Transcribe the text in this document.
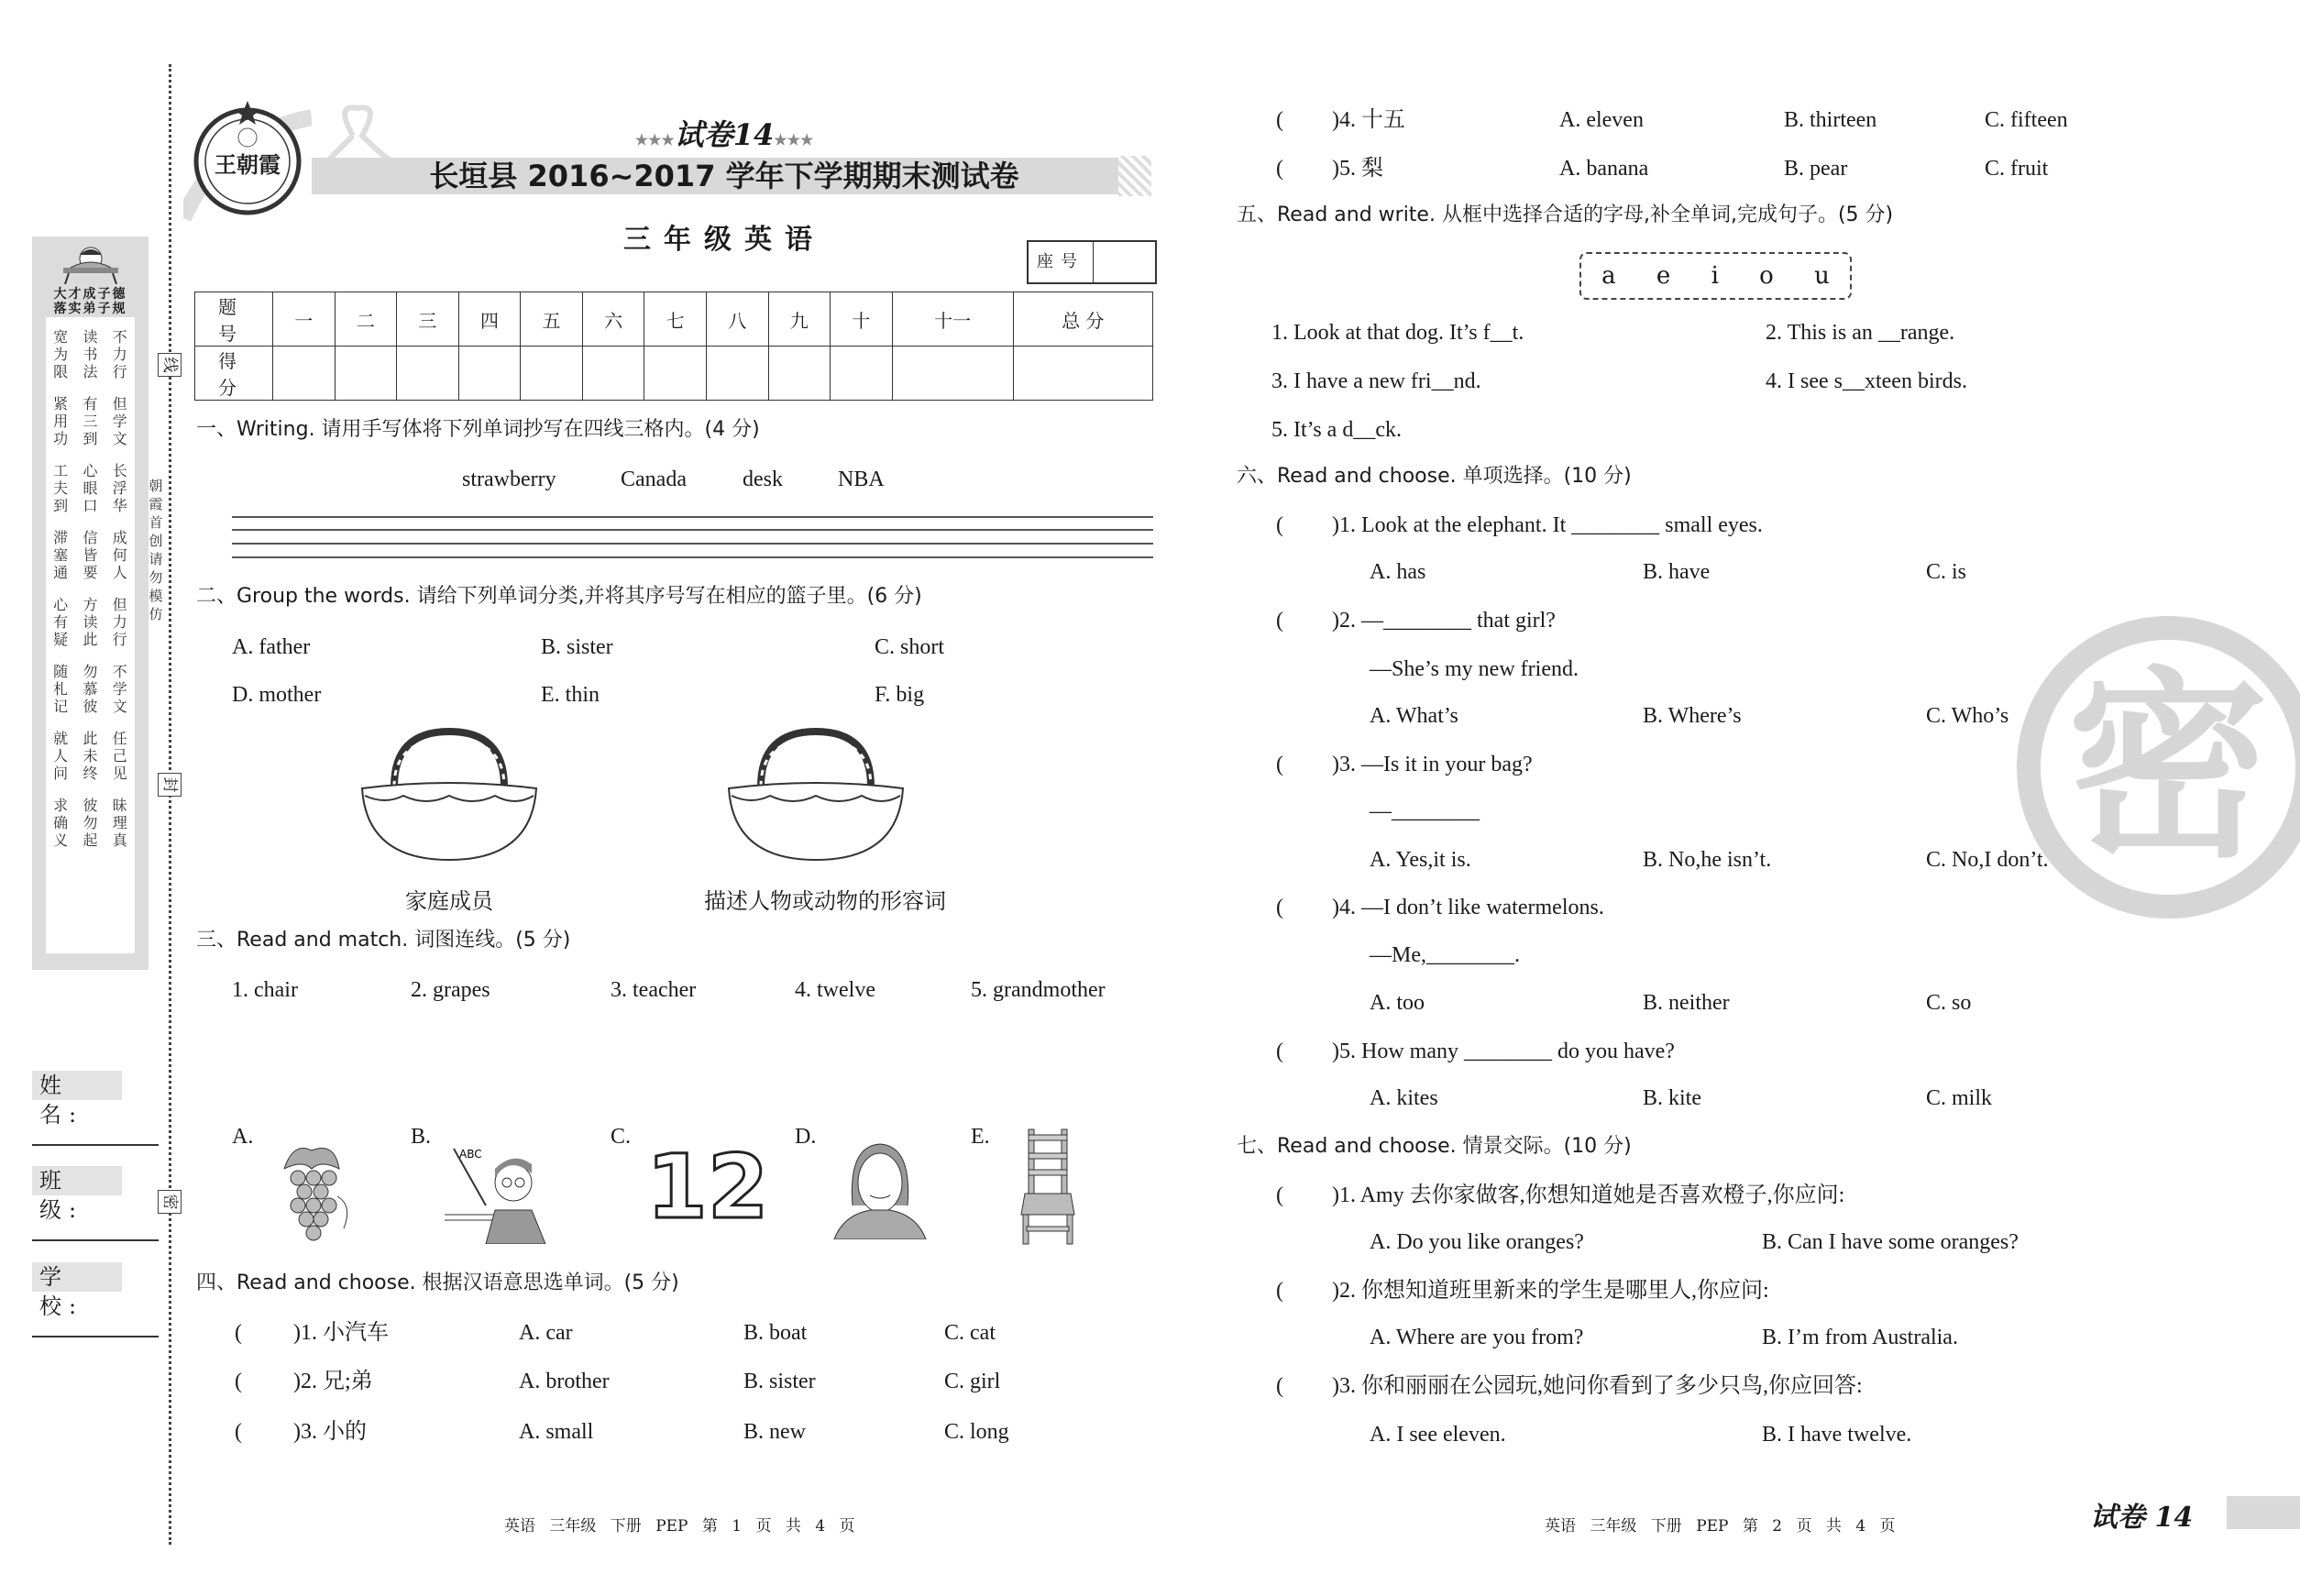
线
封
密
朝霞首创 请勿模仿
大才成子德
落实弟子规
宽为限
读书法
不力行
紧用功
有三到
但学文
工夫到
心眼口
长浮华
滞塞通
信皆要
成何人
心有疑
方读此
但力行
随札记
勿慕彼
不学文
就人问
此未终
任己见
求确义
彼勿起
昧理真
姓 名:
班 级:
学 校:
王朝霞
★★★试卷14★★★
长垣县 2016~2017 学年下学期期末测试卷
三年级英语
座号
题 号	一	二	三	四	五	六	七	八	九	十	十一	总 分
得 分												
一、Writing. 请用手写体将下列单词抄写在四线三格内。(4 分)
strawberry	Canada	desk	NBA
二、Group the words. 请给下列单词分类,并将其序号写在相应的篮子里。(6 分)
A. father	B. sister	C. short
D. mother	E. thin	F. big
家庭成员	描述人物或动物的形容词
三、Read and match. 词图连线。(5 分)
1. chair	2. grapes	3. teacher	4. twelve	5. grandmother
A.	B.	C.	D.	E.
ABC 12
四、Read and choose. 根据汉语意思选单词。(5 分)
( )1. 小汽车	A. car	B. boat	C. cat
( )2. 兄;弟	A. brother	B. sister	C. girl
( )3. 小的	A. small	B. new	C. long
( )4. 十五	A. eleven	B. thirteen	C. fifteen
( )5. 梨	A. banana	B. pear	C. fruit
英语 三年级 下册 PEP 第 1 页 共 4 页
五、Read and write. 从框中选择合适的字母,补全单词,完成句子。(5 分)
a e i o u
1. Look at that dog. It’s f__t.	2. This is an __range.
3. I have a new fri__nd.	4. I see s__xteen birds.
5. It’s a d__ck.
密
六、Read and choose. 单项选择。(10 分)
( )1. Look at the elephant. It ________ small eyes.
A. has	B. have	C. is
( )2. —________ that girl?
—She’s my new friend.
A. What’s	B. Where’s	C. Who’s
( )3. —Is it in your bag?
—________
A. Yes,it is.	B. No,he isn’t.	C. No,I don’t.
( )4. —I don’t like watermelons.
—Me,________.
A. too	B. neither	C. so
( )5. How many ________ do you have?
A. kites	B. kite	C. milk
七、Read and choose. 情景交际。(10 分)
( )1. Amy 去你家做客,你想知道她是否喜欢橙子,你应问:
A. Do you like oranges?	B. Can I have some oranges?
( )2. 你想知道班里新来的学生是哪里人,你应问:
A. Where are you from?	B. I’m from Australia.
( )3. 你和丽丽在公园玩,她问你看到了多少只鸟,你应回答:
A. I see eleven.	B. I have twelve.
英语 三年级 下册 PEP 第 2 页 共 4 页	试卷 14
